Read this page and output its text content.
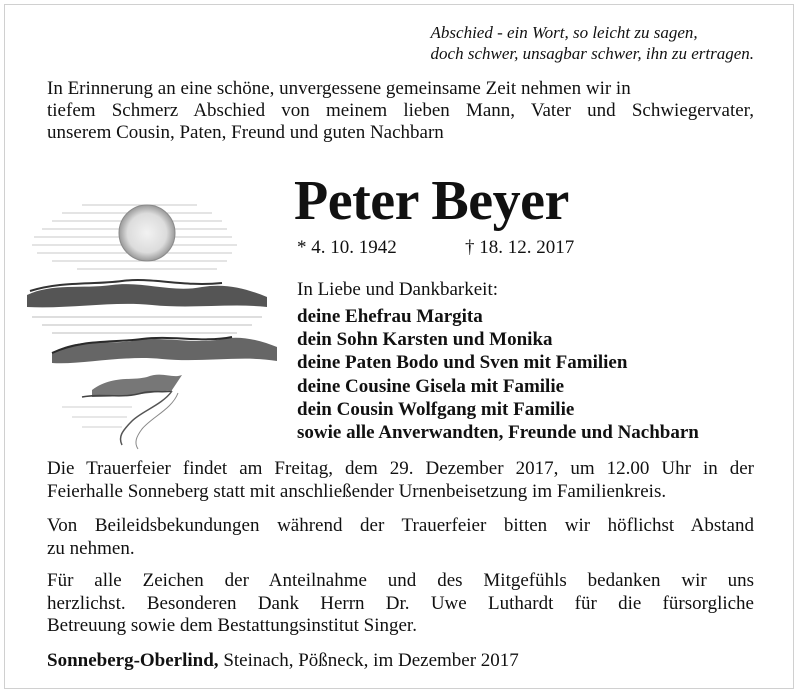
Abschied - ein Wort, so leicht zu sagen,
doch schwer, unsagbar schwer, ihn zu ertragen.
In Erinnerung an eine schöne, unvergessene gemeinsame Zeit nehmen wir in
tiefem Schmerz Abschied von meinem lieben Mann, Vater und Schwiegervater,
unserem Cousin, Paten, Freund und guten Nachbarn
Peter Beyer
* 4. 10. 1942	† 18. 12. 2017
In Liebe und Dankbarkeit:
deine Ehefrau Margita
dein Sohn Karsten und Monika
deine Paten Bodo und Sven mit Familien
deine Cousine Gisela mit Familie
dein Cousin Wolfgang mit Familie
sowie alle Anverwandten, Freunde und Nachbarn
Die Trauerfeier findet am Freitag, dem 29. Dezember 2017, um 12.00 Uhr in der
Feierhalle Sonneberg statt mit anschließender Urnenbeisetzung im Familienkreis.
Von Beileidsbekundungen während der Trauerfeier bitten wir höflichst Abstand
zu nehmen.
Für alle Zeichen der Anteilnahme und des Mitgefühls bedanken wir uns
herzlichst. Besonderen Dank Herrn Dr. Uwe Luthardt für die fürsorgliche
Betreuung sowie dem Bestattungsinstitut Singer.
Sonneberg-Oberlind, Steinach, Pößneck, im Dezember 2017
